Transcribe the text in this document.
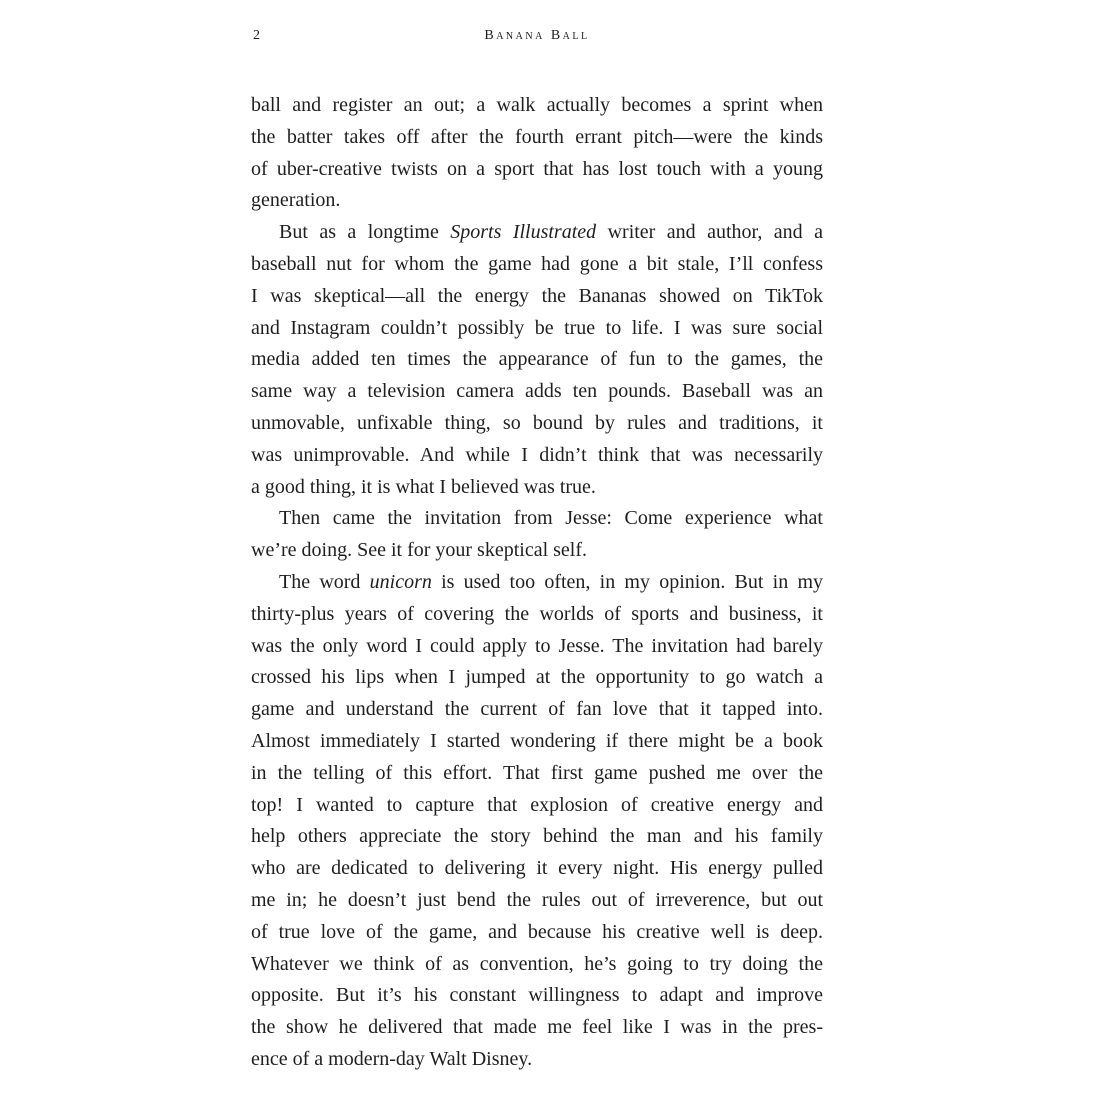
2	Banana Ball
ball and register an out; a walk actually becomes a sprint when
the batter takes off after the fourth errant pitch—were the kinds
of uber-creative twists on a sport that has lost touch with a young
generation.
But as a longtime Sports Illustrated writer and author, and a
baseball nut for whom the game had gone a bit stale, I’ll confess
I was skeptical—all the energy the Bananas showed on TikTok
and Instagram couldn’t possibly be true to life. I was sure social
media added ten times the appearance of fun to the games, the
same way a television camera adds ten pounds. Baseball was an
unmovable, unfixable thing, so bound by rules and traditions, it
was unimprovable. And while I didn’t think that was necessarily
a good thing, it is what I believed was true.
Then came the invitation from Jesse: Come experience what
we’re doing. See it for your skeptical self.
The word unicorn is used too often, in my opinion. But in my
thirty-plus years of covering the worlds of sports and business, it
was the only word I could apply to Jesse. The invitation had barely
crossed his lips when I jumped at the opportunity to go watch a
game and understand the current of fan love that it tapped into.
Almost immediately I started wondering if there might be a book
in the telling of this effort. That first game pushed me over the
top! I wanted to capture that explosion of creative energy and
help others appreciate the story behind the man and his family
who are dedicated to delivering it every night. His energy pulled
me in; he doesn’t just bend the rules out of irreverence, but out
of true love of the game, and because his creative well is deep.
Whatever we think of as convention, he’s going to try doing the
opposite. But it’s his constant willingness to adapt and improve
the show he delivered that made me feel like I was in the pres-
ence of a modern-day Walt Disney.
